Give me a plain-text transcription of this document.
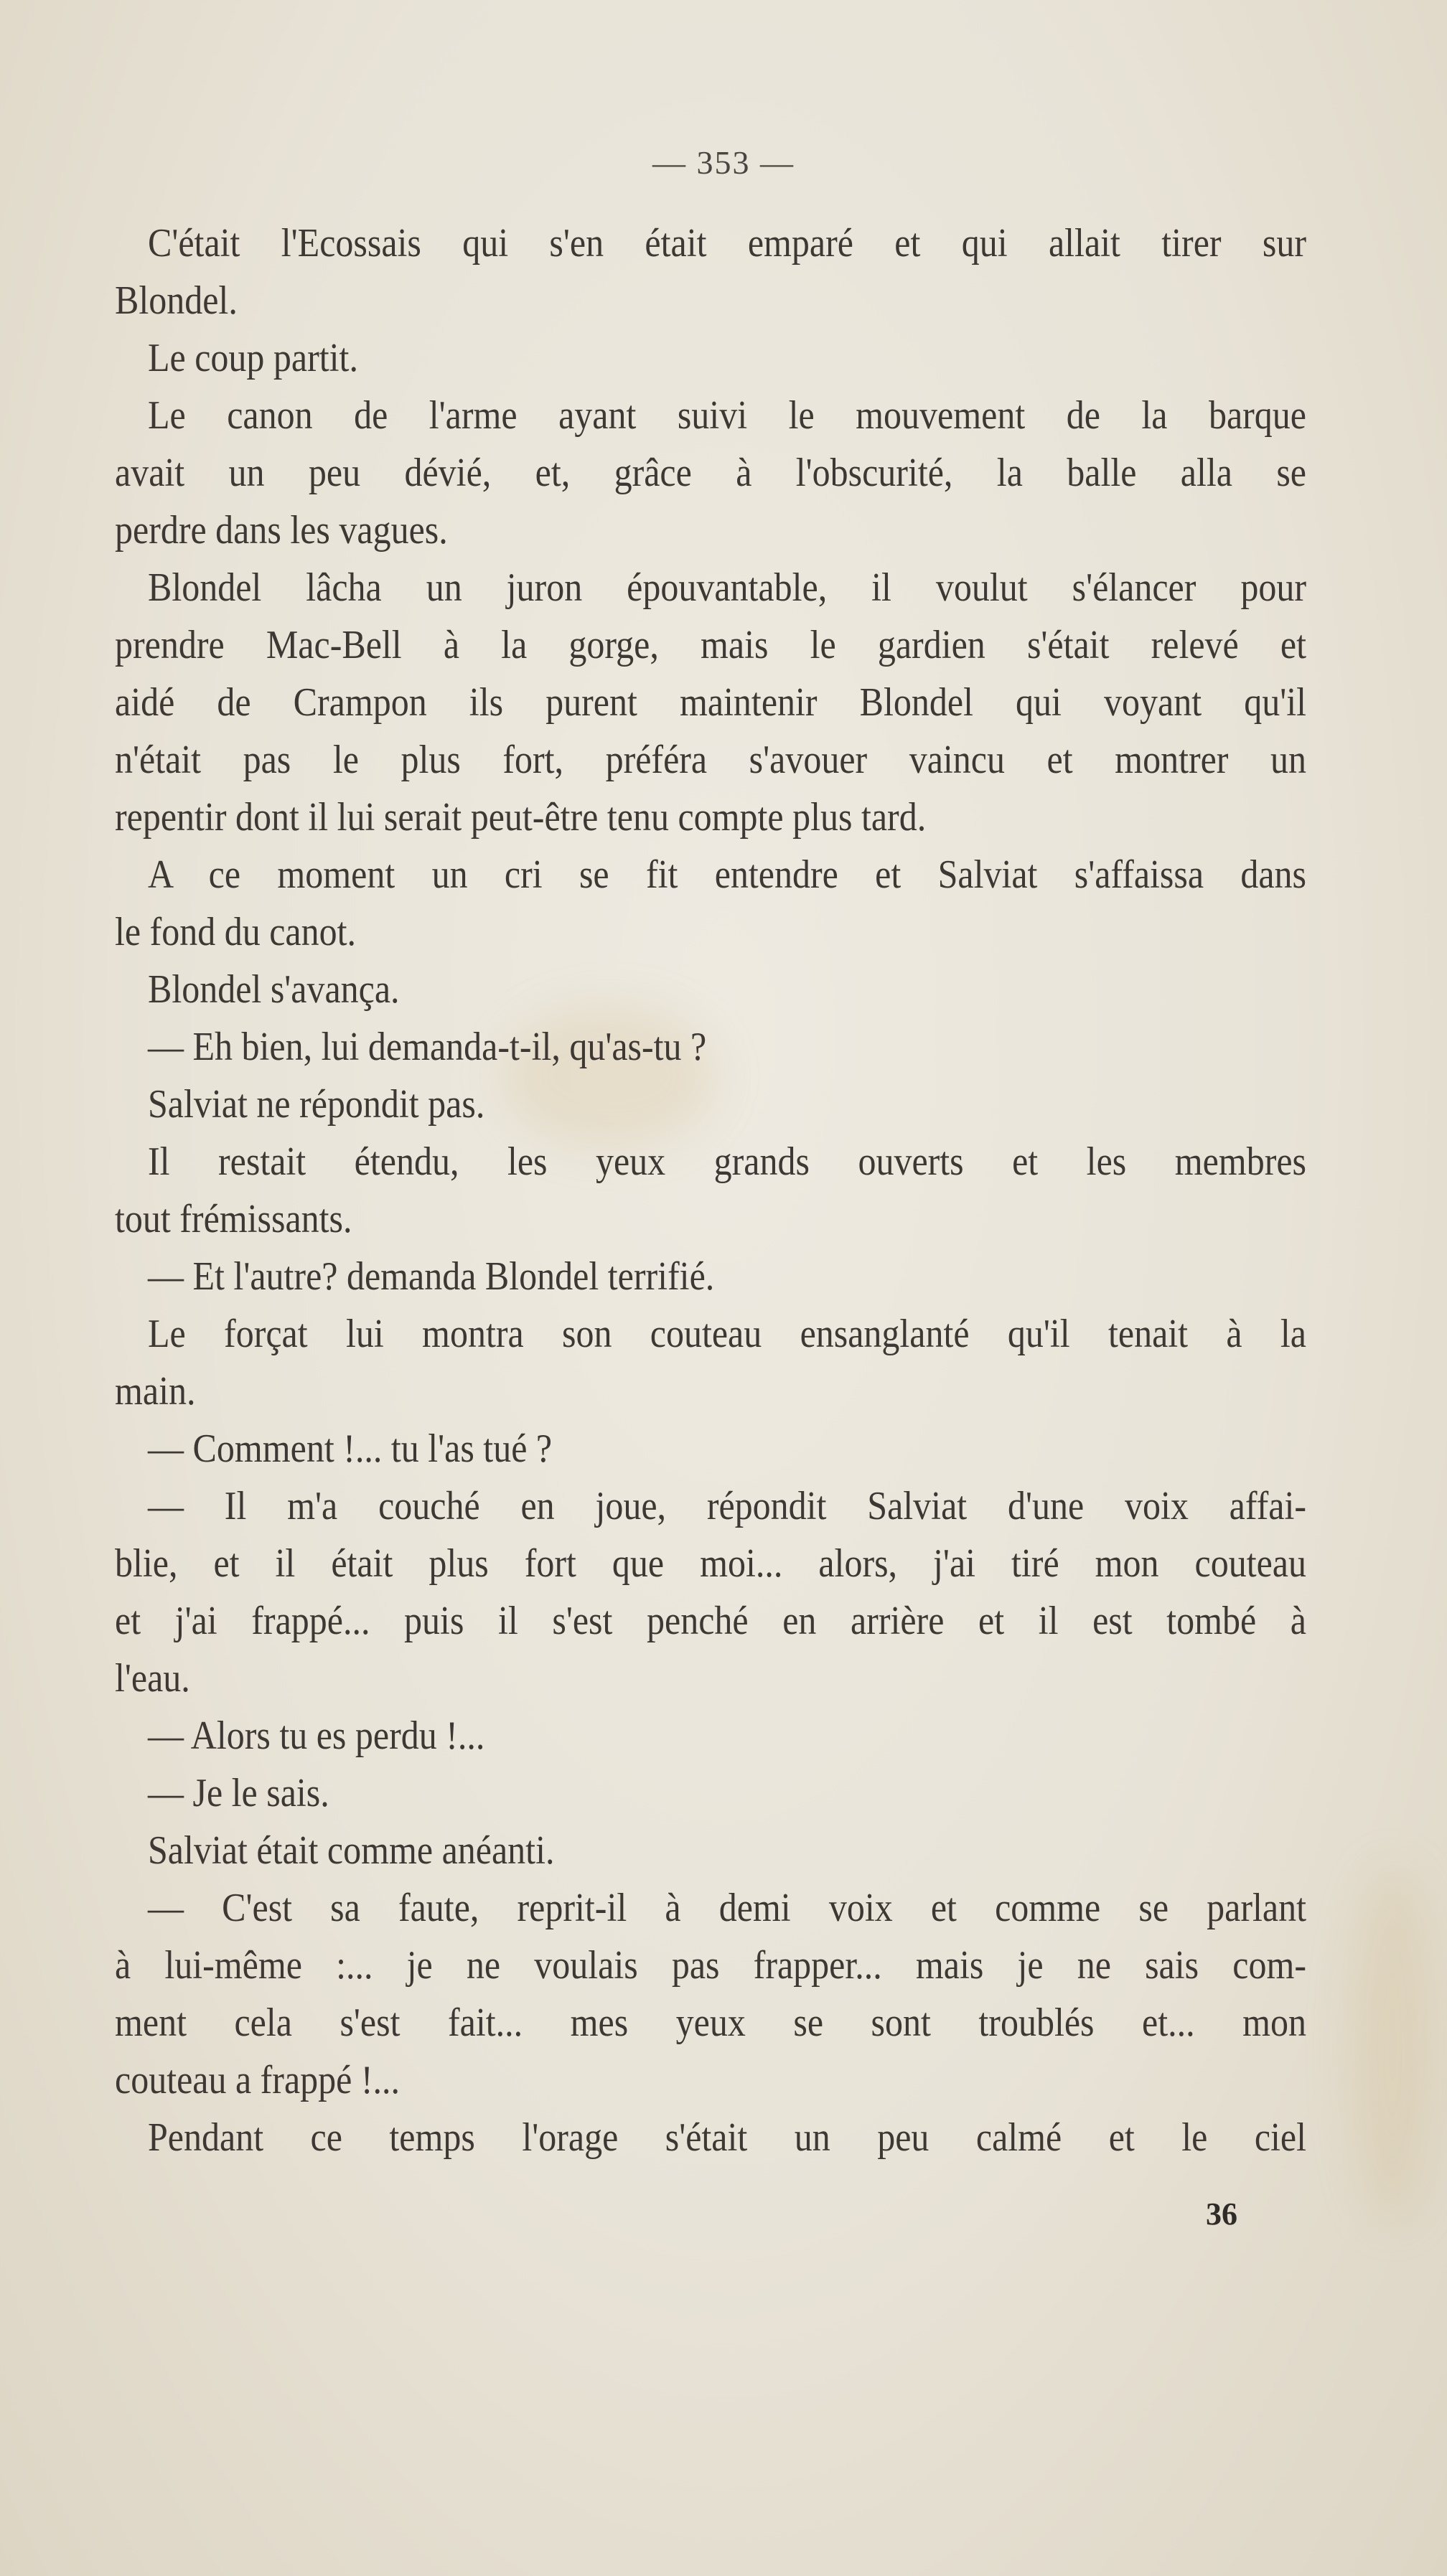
— 353 —
C'était l'Ecossais qui s'en était emparé et qui allait tirer sur
Blondel.
Le coup partit.
Le canon de l'arme ayant suivi le mouvement de la barque
avait un peu dévié, et, grâce à l'obscurité, la balle alla se
perdre dans les vagues.
Blondel lâcha un juron épouvantable, il voulut s'élancer pour
prendre Mac-Bell à la gorge, mais le gardien s'était relevé et
aidé de Crampon ils purent maintenir Blondel qui voyant qu'il
n'était pas le plus fort, préféra s'avouer vaincu et montrer un
repentir dont il lui serait peut-être tenu compte plus tard.
A ce moment un cri se fit entendre et Salviat s'affaissa dans
le fond du canot.
Blondel s'avança.
— Eh bien, lui demanda-t-il, qu'as-tu ?
Salviat ne répondit pas.
Il restait étendu, les yeux grands ouverts et les membres
tout frémissants.
— Et l'autre? demanda Blondel terrifié.
Le forçat lui montra son couteau ensanglanté qu'il tenait à la
main.
— Comment !... tu l'as tué ?
— Il m'a couché en joue, répondit Salviat d'une voix affai-
blie, et il était plus fort que moi... alors, j'ai tiré mon couteau
et j'ai frappé... puis il s'est penché en arrière et il est tombé à
l'eau.
— Alors tu es perdu !...
— Je le sais.
Salviat était comme anéanti.
— C'est sa faute, reprit-il à demi voix et comme se parlant
à lui-même :... je ne voulais pas frapper... mais je ne sais com-
ment cela s'est fait... mes yeux se sont troublés et... mon
couteau a frappé !...
Pendant ce temps l'orage s'était un peu calmé et le ciel
36
